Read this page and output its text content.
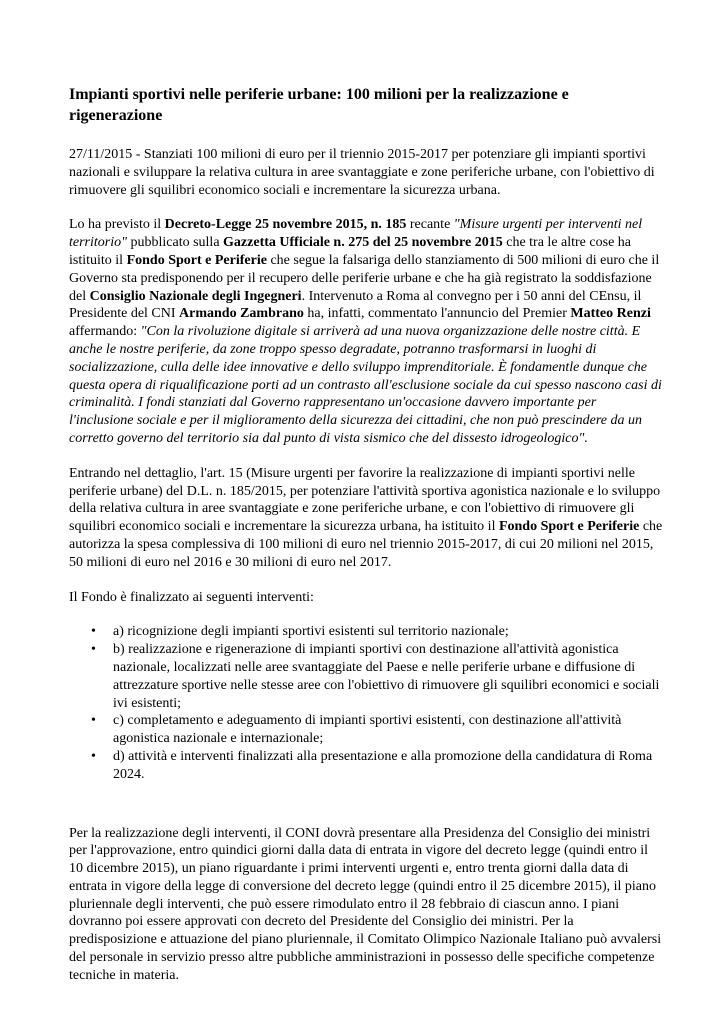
Impianti sportivi nelle periferie urbane: 100 milioni per la realizzazione e rigenerazione

27/11/2015 - Stanziati 100 milioni di euro per il triennio 2015-2017 per potenziare gli impianti sportivi nazionali e sviluppare la relativa cultura in aree svantaggiate e zone periferiche urbane, con l'obiettivo di rimuovere gli squilibri economico sociali e incrementare la sicurezza urbana.

Lo ha previsto il Decreto-Legge 25 novembre 2015, n. 185 recante "Misure urgenti per interventi nel territorio" pubblicato sulla Gazzetta Ufficiale n. 275 del 25 novembre 2015 che tra le altre cose ha istituito il Fondo Sport e Periferie che segue la falsariga dello stanziamento di 500 milioni di euro che il Governo sta predisponendo per il recupero delle periferie urbane e che ha già registrato la soddisfazione del Consiglio Nazionale degli Ingegneri. Intervenuto a Roma al convegno per i 50 anni del CEnsu, il Presidente del CNI Armando Zambrano ha, infatti, commentato l'annuncio del Premier Matteo Renzi affermando: "Con la rivoluzione digitale si arriverà ad una nuova organizzazione delle nostre città. E anche le nostre periferie, da zone troppo spesso degradate, potranno trasformarsi in luoghi di socializzazione, culla delle idee innovative e dello sviluppo imprenditoriale. È fondamentle dunque che questa opera di riqualificazione porti ad un contrasto all'esclusione sociale da cui spesso nascono casi di criminalità. I fondi stanziati dal Governo rappresentano un'occasione davvero importante per l'inclusione sociale e per il miglioramento della sicurezza dei cittadini, che non può prescindere da un corretto governo del territorio sia dal punto di vista sismico che del dissesto idrogeologico".

Entrando nel dettaglio, l'art. 15 (Misure urgenti per favorire la realizzazione di impianti sportivi nelle periferie urbane) del D.L. n. 185/2015, per potenziare l'attività sportiva agonistica nazionale e lo sviluppo della relativa cultura in aree svantaggiate e zone periferiche urbane, e con l'obiettivo di rimuovere gli squilibri economico sociali e incrementare la sicurezza urbana, ha istituito il Fondo Sport e Periferie che autorizza la spesa complessiva di 100 milioni di euro nel triennio 2015-2017, di cui 20 milioni nel 2015, 50 milioni di euro nel 2016 e 30 milioni di euro nel 2017.

Il Fondo è finalizzato ai seguenti interventi:

• a) ricognizione degli impianti sportivi esistenti sul territorio nazionale;
• b) realizzazione e rigenerazione di impianti sportivi con destinazione all'attività agonistica nazionale, localizzati nelle aree svantaggiate del Paese e nelle periferie urbane e diffusione di attrezzature sportive nelle stesse aree con l'obiettivo di rimuovere gli squilibri economici e sociali ivi esistenti;
• c) completamento e adeguamento di impianti sportivi esistenti, con destinazione all'attività agonistica nazionale e internazionale;
• d) attività e interventi finalizzati alla presentazione e alla promozione della candidatura di Roma 2024.

Per la realizzazione degli interventi, il CONI dovrà presentare alla Presidenza del Consiglio dei ministri per l'approvazione, entro quindici giorni dalla data di entrata in vigore del decreto legge (quindi entro il 10 dicembre 2015), un piano riguardante i primi interventi urgenti e, entro trenta giorni dalla data di entrata in vigore della legge di conversione del decreto legge (quindi entro il 25 dicembre 2015), il piano pluriennale degli interventi, che può essere rimodulato entro il 28 febbraio di ciascun anno. I piani dovranno poi essere approvati con decreto del Presidente del Consiglio dei ministri. Per la predisposizione e attuazione del piano pluriennale, il Comitato Olimpico Nazionale Italiano può avvalersi del personale in servizio presso altre pubbliche amministrazioni in possesso delle specifiche competenze tecniche in materia.
